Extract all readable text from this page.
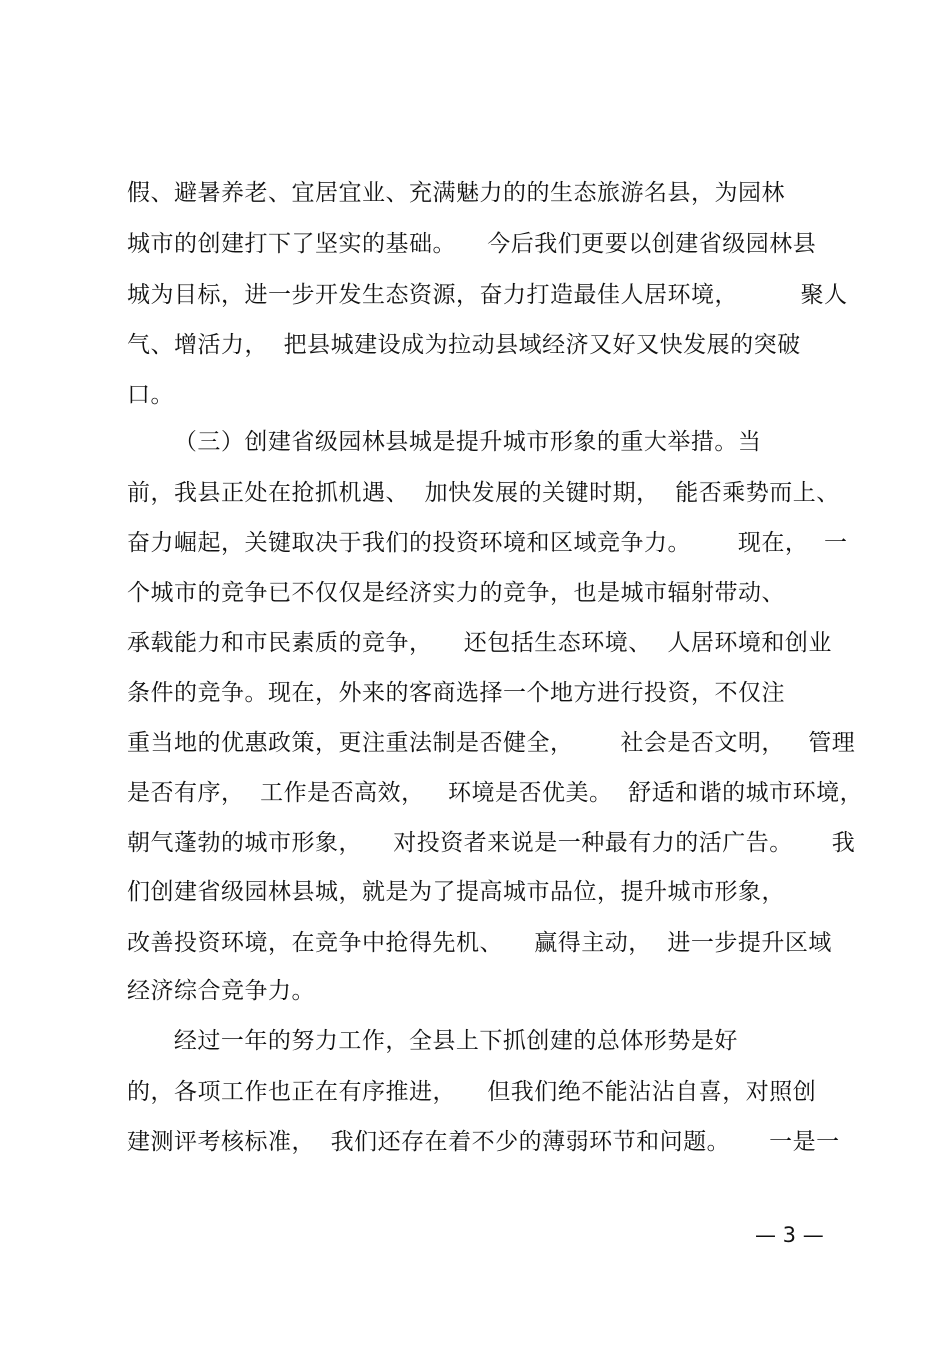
假、避暑养老、宜居宜业、充满魅力的的生态旅游名县，为园林
城市的创建打下了坚实的基础。    今后我们更要以创建省级园林县
城为目标，进一步开发生态资源，奋力打造最佳人居环境，        聚人
气、增活力，  把县城建设成为拉动县域经济又好又快发展的突破
口。
（三）创建省级园林县城是提升城市形象的重大举措。当
前，我县正处在抢抓机遇、  加快发展的关键时期，  能否乘势而上、
奋力崛起，关键取决于我们的投资环境和区域竞争力。      现在，  一
个城市的竞争已不仅仅是经济实力的竞争，也是城市辐射带动、
承载能力和市民素质的竞争，    还包括生态环境、  人居环境和创业
条件的竞争。现在，外来的客商选择一个地方进行投资，不仅注
重当地的优惠政策，更注重法制是否健全，      社会是否文明，   管理
是否有序，  工作是否高效，   环境是否优美。  舒适和谐的城市环境，
朝气蓬勃的城市形象，    对投资者来说是一种最有力的活广告。     我
们创建省级园林县城，就是为了提高城市品位，提升城市形象，
改善投资环境，在竞争中抢得先机、    赢得主动，  进一步提升区域
经济综合竞争力。
经过一年的努力工作，全县上下抓创建的总体形势是好
的，各项工作也正在有序推进，    但我们绝不能沾沾自喜，对照创
建测评考核标准，  我们还存在着不少的薄弱环节和问题。     一是一
— 3 —
